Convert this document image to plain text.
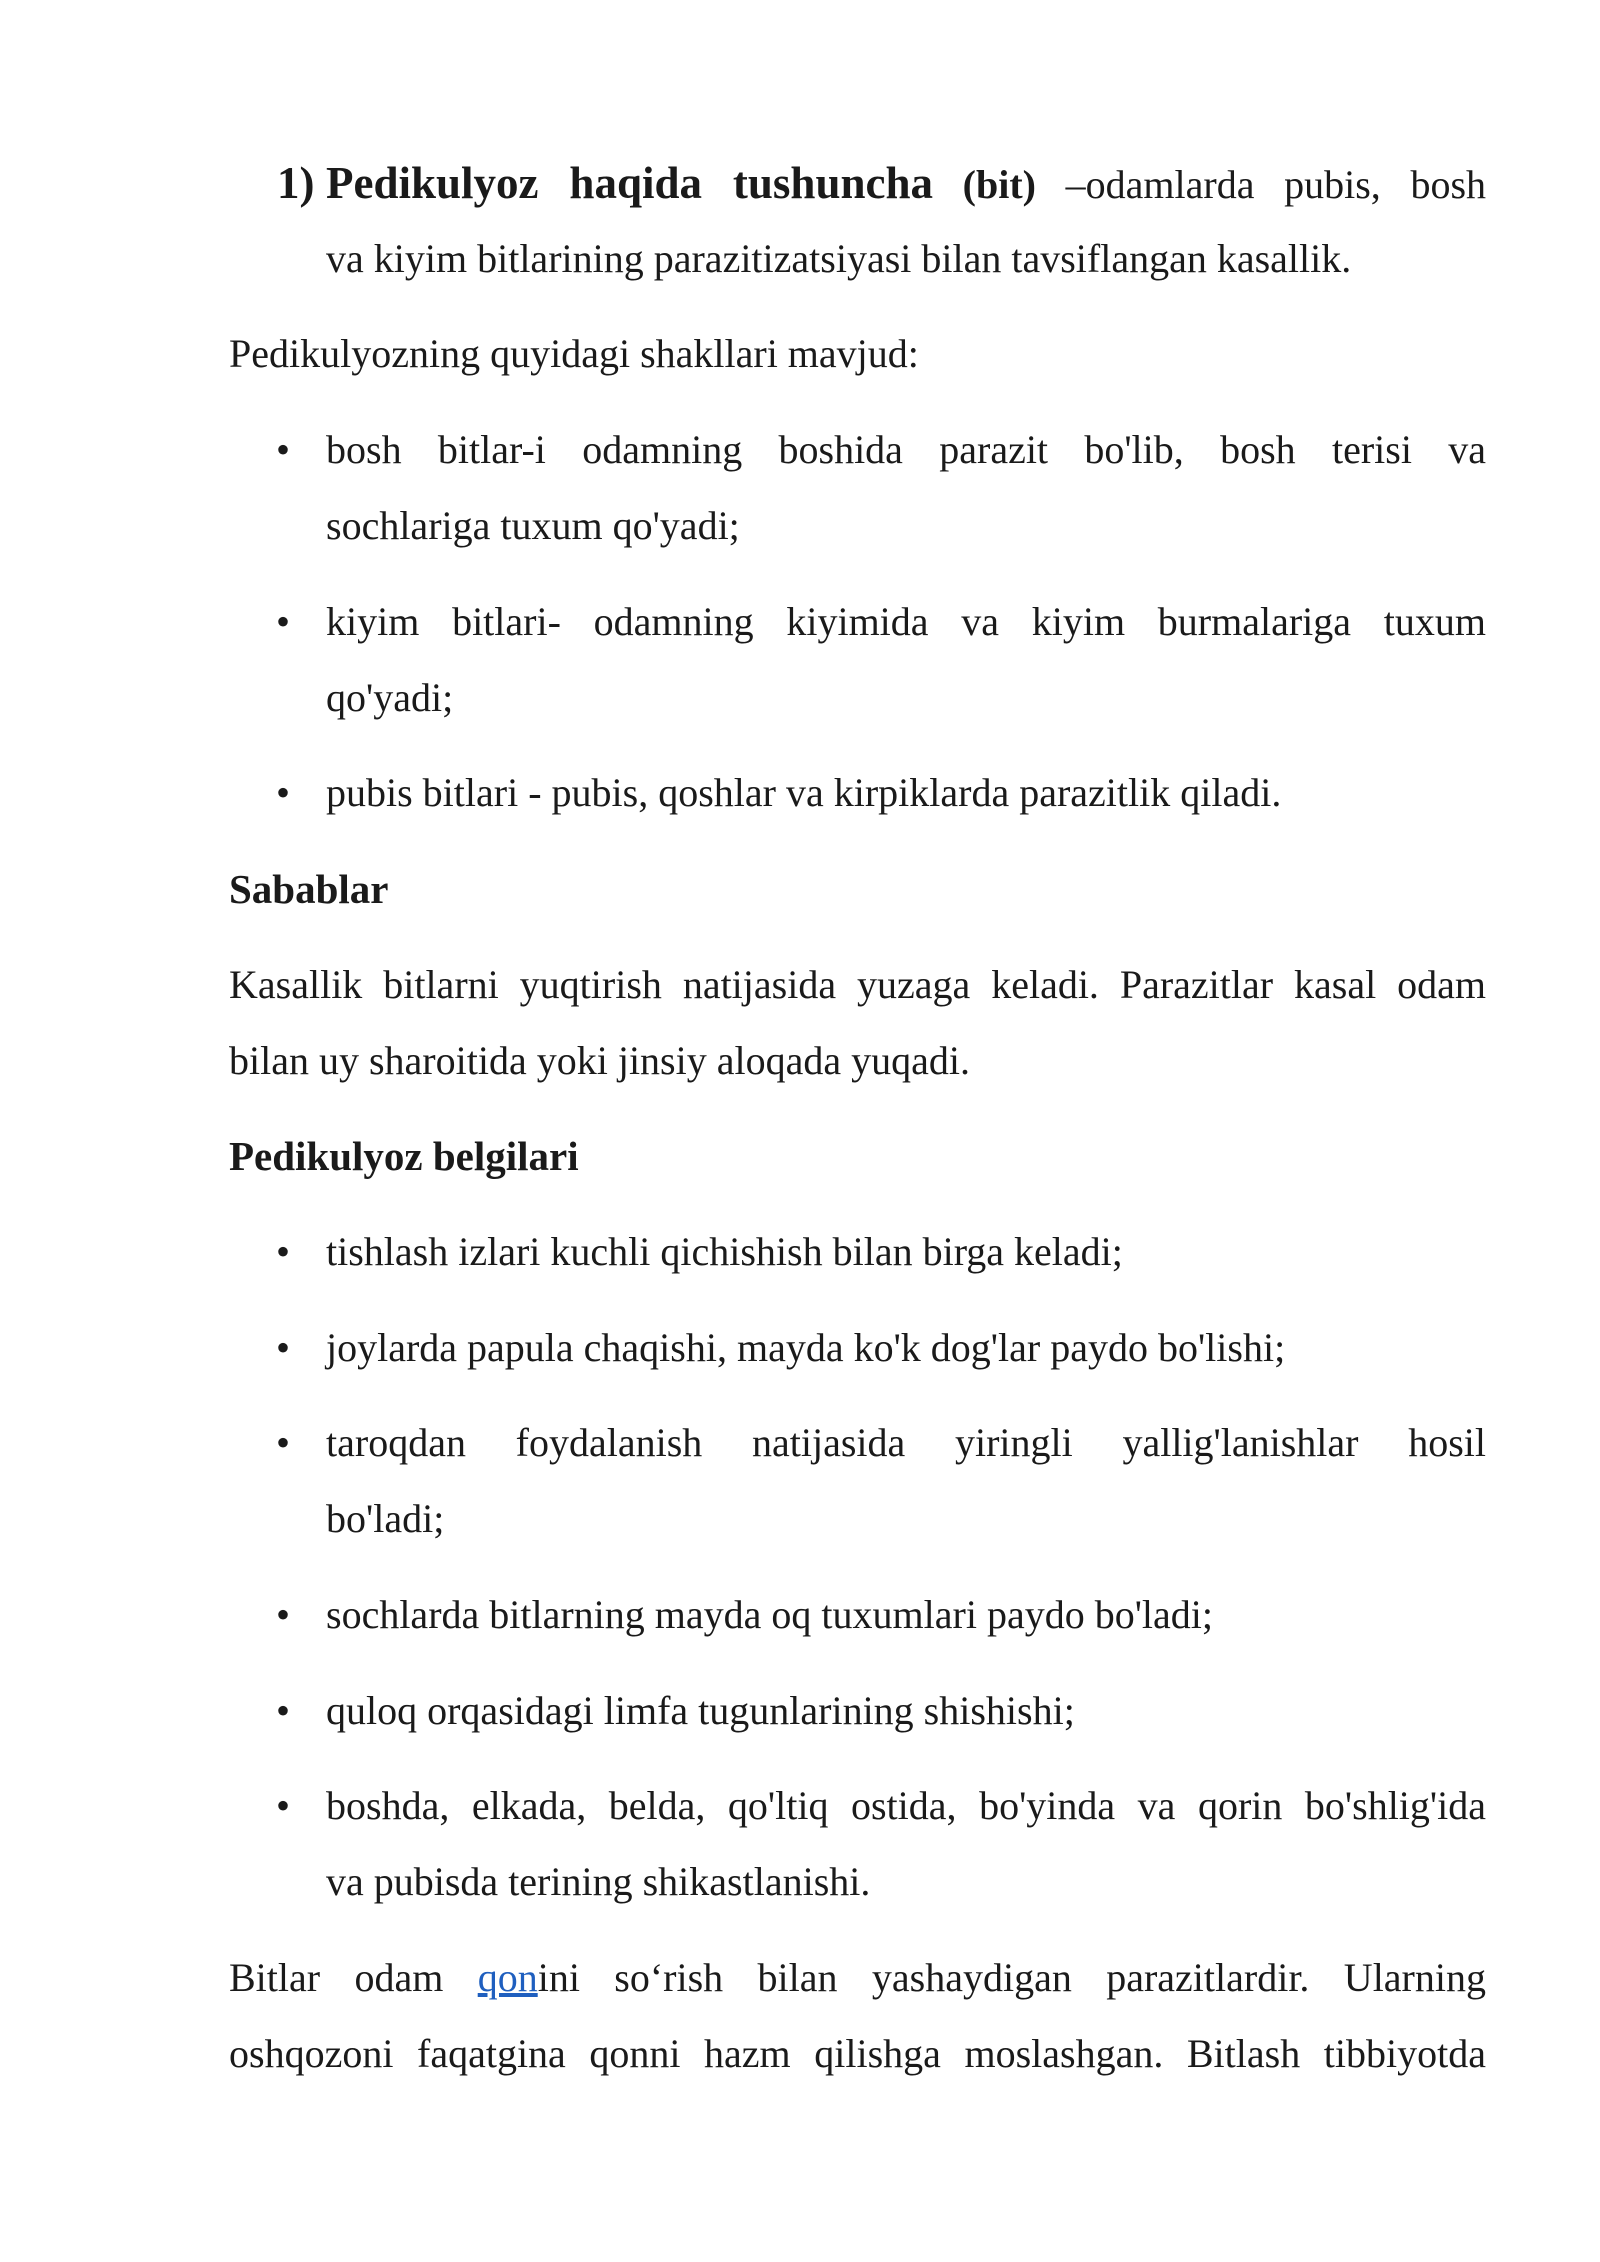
1) Pedikulyoz haqida tushuncha (bit) –odamlarda pubis, bosh
va kiyim bitlarining parazitizatsiyasi bilan tavsiflangan kasallik.
Pedikulyozning quyidagi shakllari mavjud:
• bosh bitlar-i odamning boshida parazit bo'lib, bosh terisi va
sochlariga tuxum qo'yadi;
• kiyim bitlari- odamning kiyimida va kiyim burmalariga tuxum
qo'yadi;
• pubis bitlari - pubis, qoshlar va kirpiklarda parazitlik qiladi.
Sabablar
Kasallik bitlarni yuqtirish natijasida yuzaga keladi. Parazitlar kasal odam
bilan uy sharoitida yoki jinsiy aloqada yuqadi.
Pedikulyoz belgilari
• tishlash izlari kuchli qichishish bilan birga keladi;
• joylarda papula chaqishi, mayda ko'k dog'lar paydo bo'lishi;
• taroqdan foydalanish natijasida yiringli yallig'lanishlar hosil
bo'ladi;
• sochlarda bitlarning mayda oq tuxumlari paydo bo'ladi;
• quloq orqasidagi limfa tugunlarining shishishi;
• boshda, elkada, belda, qo'ltiq ostida, bo'yinda va qorin bo'shlig'ida
va pubisda terining shikastlanishi.
Bitlar odam qonini so‘rish bilan yashaydigan parazitlardir. Ularning
oshqozoni faqatgina qonni hazm qilishga moslashgan. Bitlash tibbiyotda
